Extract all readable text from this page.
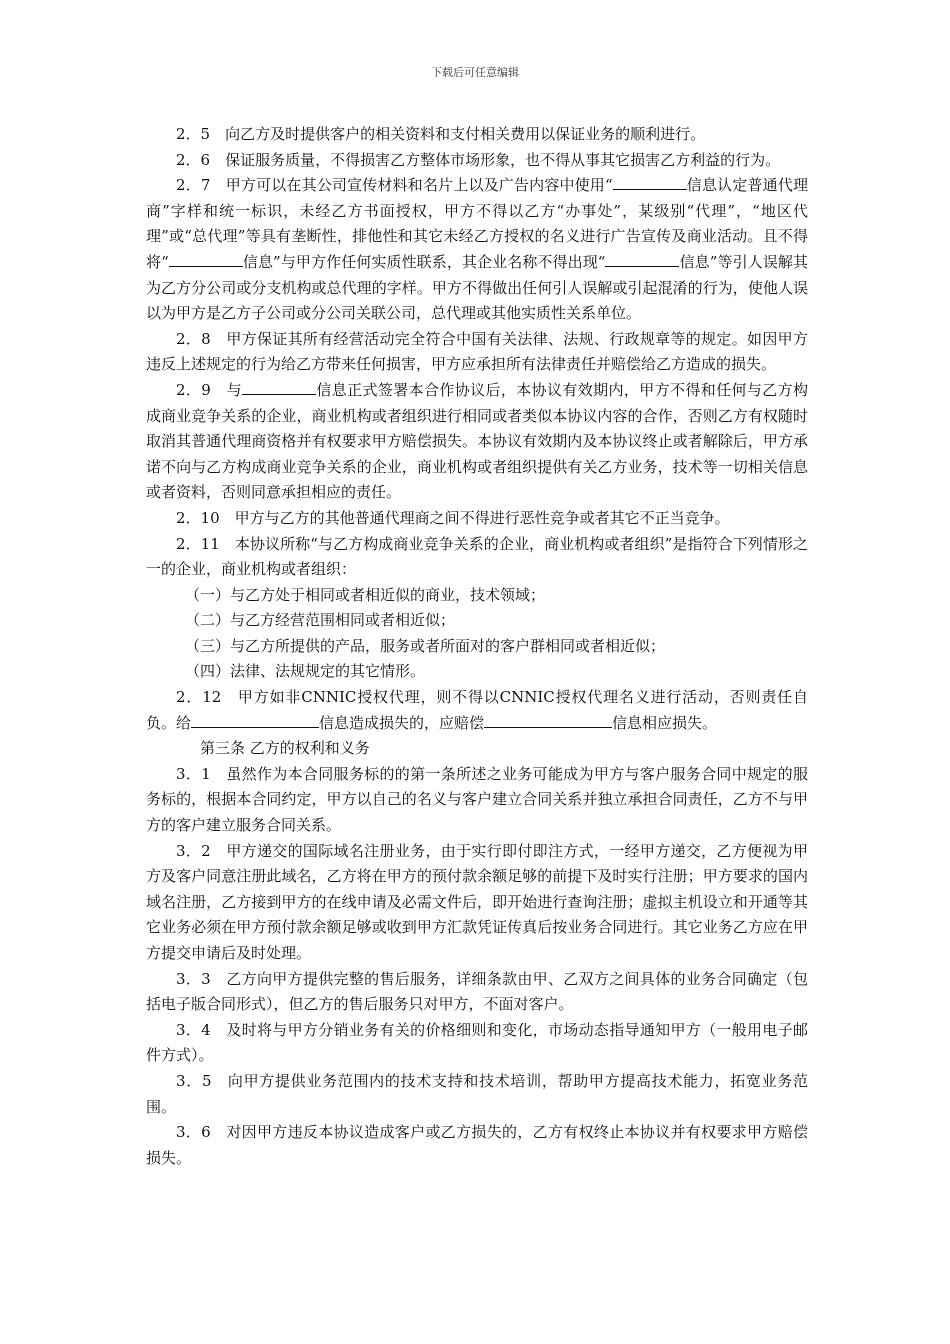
下载后可任意编辑

2．5　向乙方及时提供客户的相关资料和支付相关费用以保证业务的顺利进行。

2．6　保证服务质量，不得损害乙方整体市场形象，也不得从事其它损害乙方利益的行为。

2．7　甲方可以在其公司宣传材料和名片上以及广告内容中使用“	信息认定普通代理商”字样和统一标识，未经乙方书面授权，甲方不得以乙方“办事处”，某级别“代理”，“地区代理”或“总代理”等具有垄断性，排他性和其它未经乙方授权的名义进行广告宣传及商业活动。且不得将“	信息”与甲方作任何实质性联系，其企业名称不得出现“	信息”等引人误解其为乙方分公司或分支机构或总代理的字样。甲方不得做出任何引人误解或引起混淆的行为，使他人误以为甲方是乙方子公司或分公司关联公司，总代理或其他实质性关系单位。

2．8　甲方保证其所有经营活动完全符合中国有关法律、法规、行政规章等的规定。如因甲方违反上述规定的行为给乙方带来任何损害，甲方应承担所有法律责任并赔偿给乙方造成的损失。

2．9　与	信息正式签署本合作协议后，本协议有效期内，甲方不得和任何与乙方构成商业竞争关系的企业，商业机构或者组织进行相同或者类似本协议内容的合作，否则乙方有权随时取消其普通代理商资格并有权要求甲方赔偿损失。本协议有效期内及本协议终止或者解除后，甲方承诺不向与乙方构成商业竞争关系的企业，商业机构或者组织提供有关乙方业务，技术等一切相关信息或者资料，否则同意承担相应的责任。

2．10　甲方与乙方的其他普通代理商之间不得进行恶性竞争或者其它不正当竞争。

2．11　本协议所称“与乙方构成商业竞争关系的企业，商业机构或者组织”是指符合下列情形之一的企业，商业机构或者组织：

（一）与乙方处于相同或者相近似的商业，技术领域；

（二）与乙方经营范围相同或者相近似；

（三）与乙方所提供的产品，服务或者所面对的客户群相同或者相近似；

（四）法律、法规规定的其它情形。

2．12　甲方如非CNNIC授权代理，则不得以CNNIC授权代理名义进行活动，否则责任自负。给	信息造成损失的，应赔偿	信息相应损失。

第三条 乙方的权利和义务

3．1　虽然作为本合同服务标的的第一条所述之业务可能成为甲方与客户服务合同中规定的服务标的，根据本合同约定，甲方以自己的名义与客户建立合同关系并独立承担合同责任，乙方不与甲方的客户建立服务合同关系。

3．2　甲方递交的国际域名注册业务，由于实行即付即注方式，一经甲方递交，乙方便视为甲方及客户同意注册此域名，乙方将在甲方的预付款余额足够的前提下及时实行注册；甲方要求的国内域名注册，乙方接到甲方的在线申请及必需文件后，即开始进行查询注册；虚拟主机设立和开通等其它业务必须在甲方预付款余额足够或收到甲方汇款凭证传真后按业务合同进行。其它业务乙方应在甲方提交申请后及时处理。

3．3　乙方向甲方提供完整的售后服务，详细条款由甲、乙双方之间具体的业务合同确定（包括电子版合同形式），但乙方的售后服务只对甲方，不面对客户。

3．4　及时将与甲方分销业务有关的价格细则和变化，市场动态指导通知甲方（一般用电子邮件方式）。

3．5　向甲方提供业务范围内的技术支持和技术培训，帮助甲方提高技术能力，拓宽业务范围。

3．6　对因甲方违反本协议造成客户或乙方损失的，乙方有权终止本协议并有权要求甲方赔偿损失。
